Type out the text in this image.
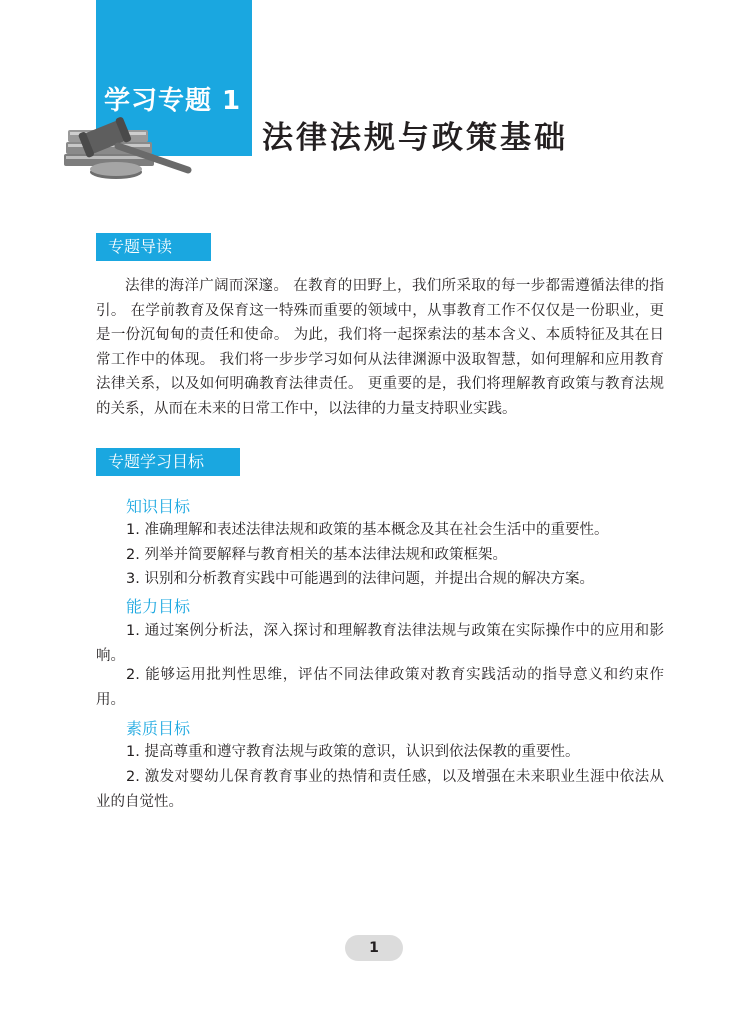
学习专题 1
法律法规与政策基础
专题导读

法律的海洋广阔而深邃。 在教育的田野上，我们所采取的每一步都需遵循法律的指引。 在学前教育及保育这一特殊而重要的领域中，从事教育工作不仅仅是一份职业，更是一份沉甸甸的责任和使命。 为此，我们将一起探索法的基本含义、本质特征及其在日常工作中的体现。 我们将一步步学习如何从法律渊源中汲取智慧，如何理解和应用教育法律关系，以及如何明确教育法律责任。 更重要的是，我们将理解教育政策与教育法规的关系，从而在未来的日常工作中，以法律的力量支持职业实践。

专题学习目标
知识目标

1. 准确理解和表述法律法规和政策的基本概念及其在社会生活中的重要性。

2. 列举并简要解释与教育相关的基本法律法规和政策框架。

3. 识别和分析教育实践中可能遇到的法律问题，并提出合规的解决方案。

能力目标

1. 通过案例分析法，深入探讨和理解教育法律法规与政策在实际操作中的应用和影响。

2. 能够运用批判性思维，评估不同法律政策对教育实践活动的指导意义和约束作用。

素质目标

1. 提高尊重和遵守教育法规与政策的意识，认识到依法保教的重要性。

2. 激发对婴幼儿保育教育事业的热情和责任感，以及增强在未来职业生涯中依法从业的自觉性。

1
